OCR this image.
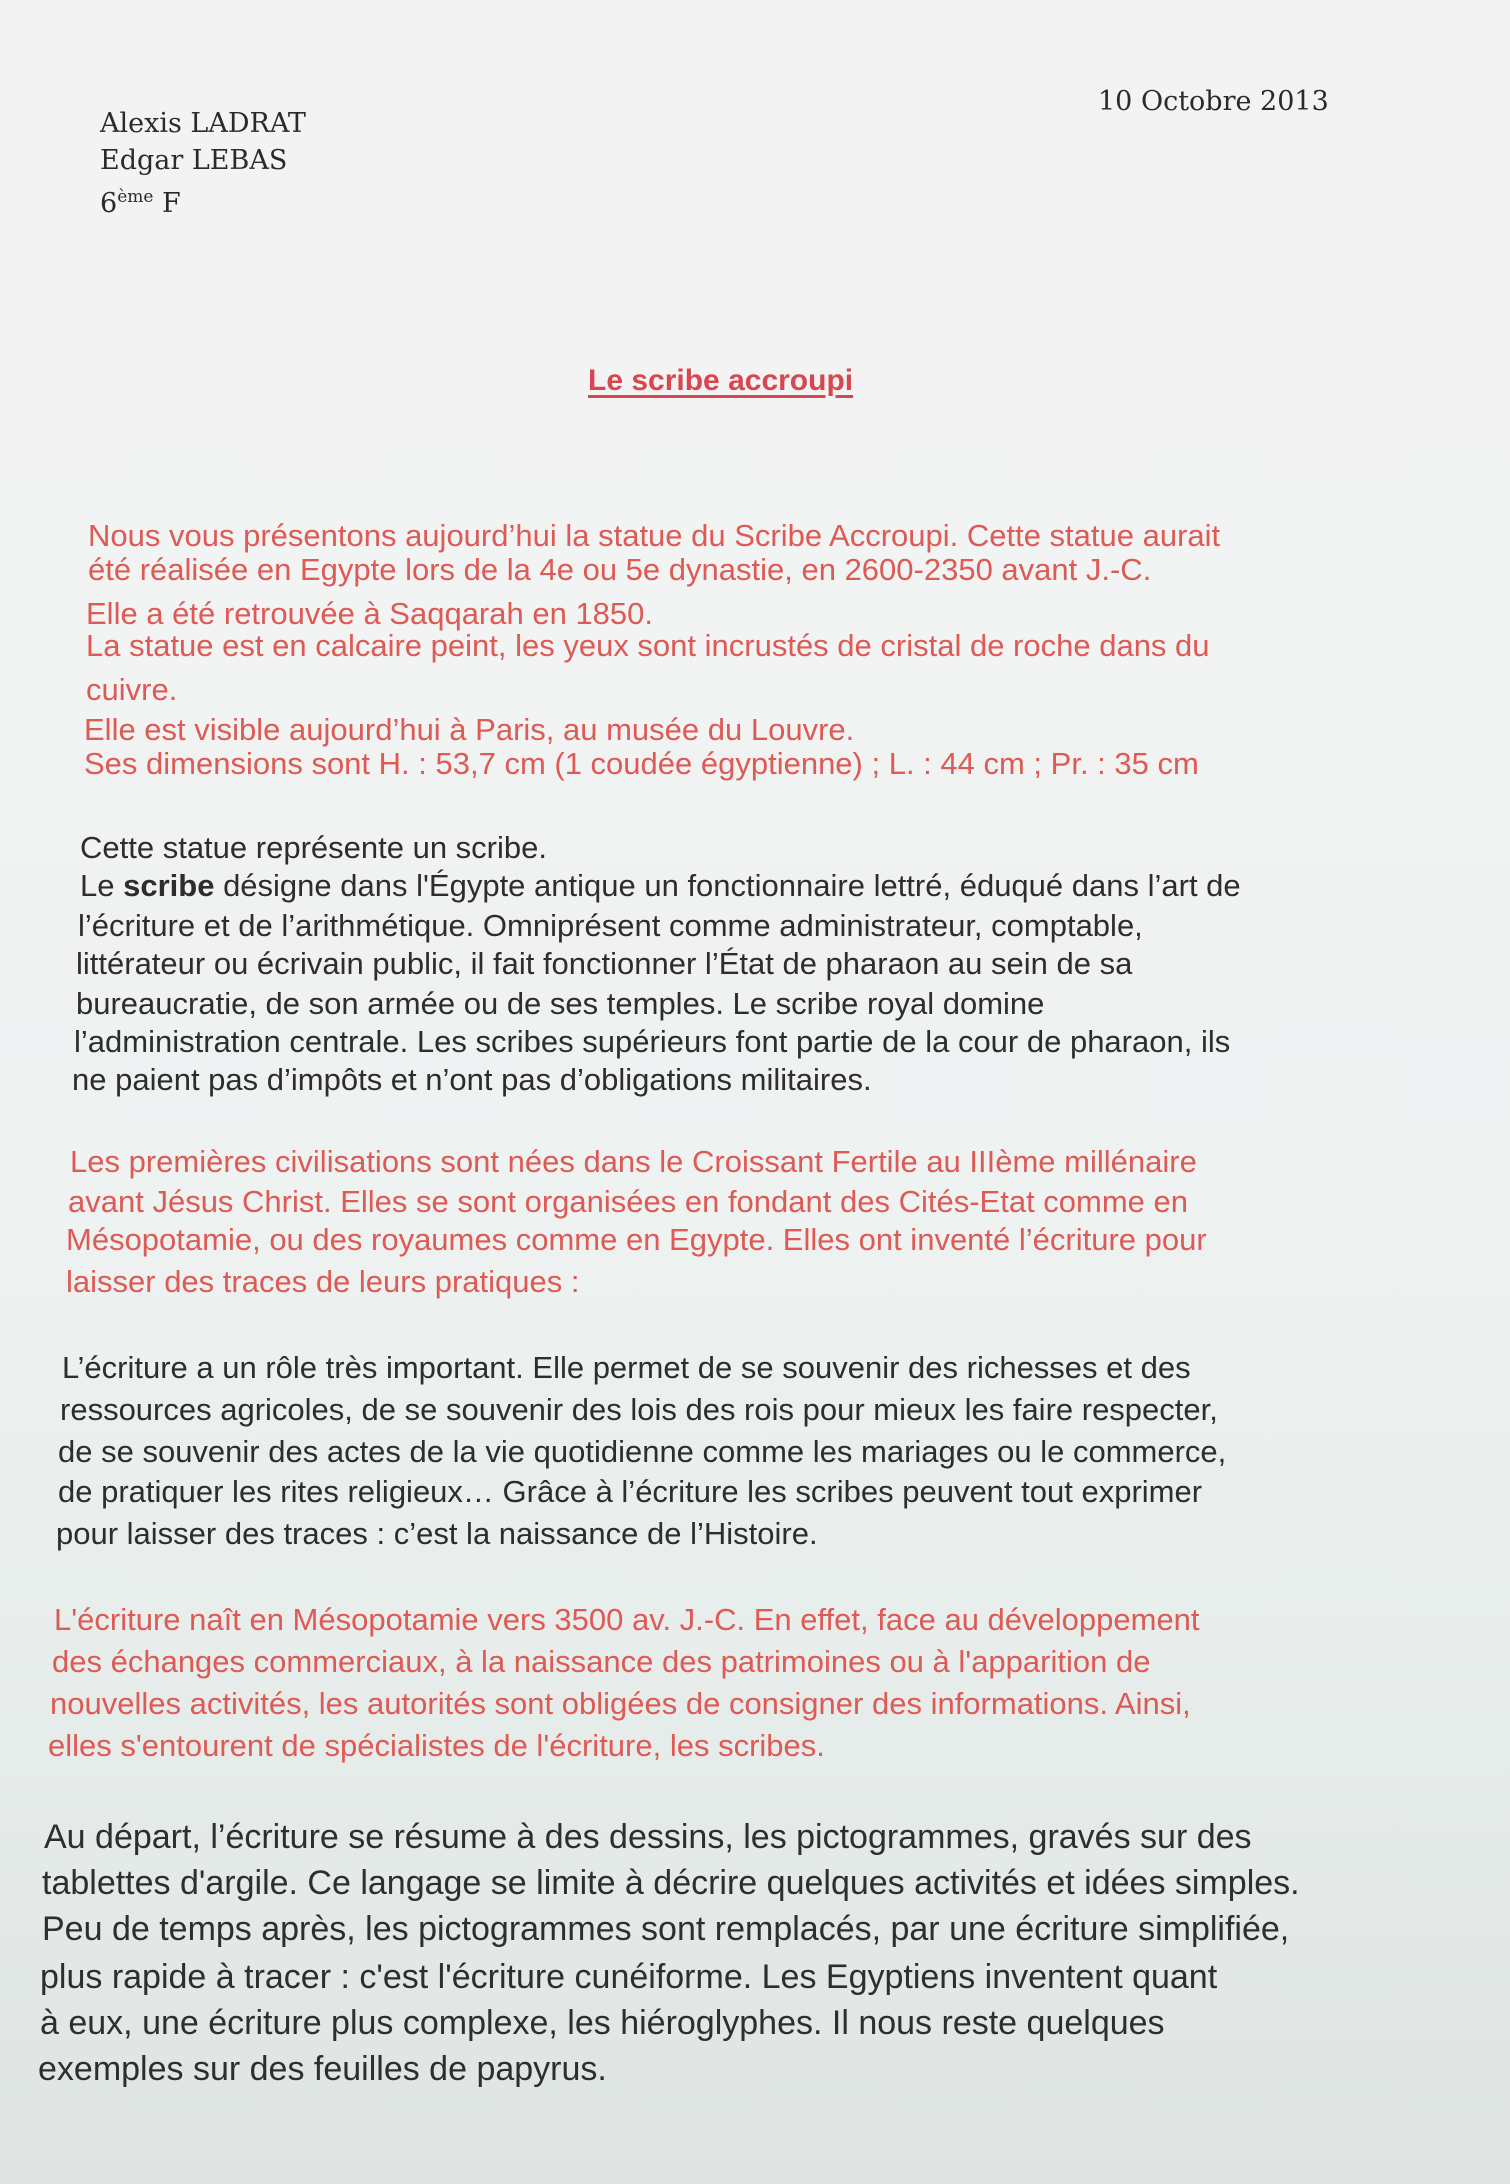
Alexis LADRAT
Edgar LEBAS
6ème F
10 Octobre 2013
Le scribe accroupi
Nous vous présentons aujourd’hui la statue du Scribe Accroupi. Cette statue aurait
été réalisée en Egypte lors de la 4e ou 5e dynastie, en 2600-2350 avant J.-C.
Elle a été retrouvée à Saqqarah en 1850.
La statue est en calcaire peint, les yeux sont incrustés de cristal de roche dans du
cuivre.
Elle est visible aujourd’hui à Paris, au musée du Louvre.
Ses dimensions sont H. : 53,7 cm (1 coudée égyptienne) ; L. : 44 cm ; Pr. : 35 cm
Cette statue représente un scribe.
Le scribe désigne dans l'Égypte antique un fonctionnaire lettré, éduqué dans l’art de
l’écriture et de l’arithmétique. Omniprésent comme administrateur, comptable,
littérateur ou écrivain public, il fait fonctionner l’État de pharaon au sein de sa
bureaucratie, de son armée ou de ses temples. Le scribe royal domine
l’administration centrale. Les scribes supérieurs font partie de la cour de pharaon, ils
ne paient pas d’impôts et n’ont pas d’obligations militaires.
Les premières civilisations sont nées dans le Croissant Fertile au IIIème millénaire
avant Jésus Christ. Elles se sont organisées en fondant des Cités-Etat comme en
Mésopotamie, ou des royaumes comme en Egypte. Elles ont inventé l’écriture pour
laisser des traces de leurs pratiques :
L’écriture a un rôle très important. Elle permet de se souvenir des richesses et des
ressources agricoles, de se souvenir des lois des rois pour mieux les faire respecter,
de se souvenir des actes de la vie quotidienne comme les mariages ou le commerce,
de pratiquer les rites religieux… Grâce à l’écriture les scribes peuvent tout exprimer
pour laisser des traces : c’est la naissance de l’Histoire.
L'écriture naît en Mésopotamie vers 3500 av. J.-C. En effet, face au développement
des échanges commerciaux, à la naissance des patrimoines ou à l'apparition de
nouvelles activités, les autorités sont obligées de consigner des informations. Ainsi,
elles s'entourent de spécialistes de l'écriture, les scribes.
Au départ, l’écriture se résume à des dessins, les pictogrammes, gravés sur des
tablettes d'argile. Ce langage se limite à décrire quelques activités et idées simples.
Peu de temps après, les pictogrammes sont remplacés, par une écriture simplifiée,
plus rapide à tracer : c'est l'écriture cunéiforme. Les Egyptiens inventent quant
à eux, une écriture plus complexe, les hiéroglyphes. Il nous reste quelques
exemples sur des feuilles de papyrus.
